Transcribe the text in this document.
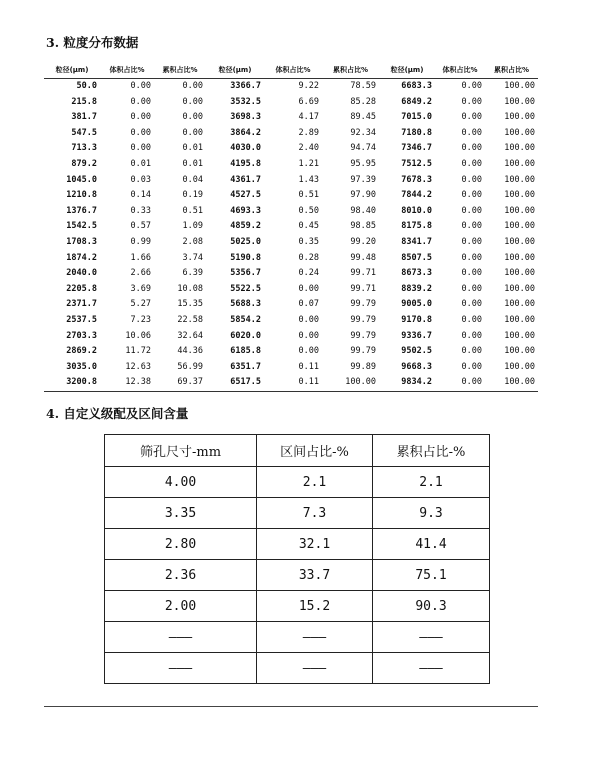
3. 粒度分布数据
粒径(μm)	体积占比%	累积占比%	粒径(μm)	体积占比%	累积占比%	粒径(μm)	体积占比%	累积占比%
50.0	0.00	0.00	3366.7	9.22	78.59	6683.3	0.00	100.00
215.8	0.00	0.00	3532.5	6.69	85.28	6849.2	0.00	100.00
381.7	0.00	0.00	3698.3	4.17	89.45	7015.0	0.00	100.00
547.5	0.00	0.00	3864.2	2.89	92.34	7180.8	0.00	100.00
713.3	0.00	0.01	4030.0	2.40	94.74	7346.7	0.00	100.00
879.2	0.01	0.01	4195.8	1.21	95.95	7512.5	0.00	100.00
1045.0	0.03	0.04	4361.7	1.43	97.39	7678.3	0.00	100.00
1210.8	0.14	0.19	4527.5	0.51	97.90	7844.2	0.00	100.00
1376.7	0.33	0.51	4693.3	0.50	98.40	8010.0	0.00	100.00
1542.5	0.57	1.09	4859.2	0.45	98.85	8175.8	0.00	100.00
1708.3	0.99	2.08	5025.0	0.35	99.20	8341.7	0.00	100.00
1874.2	1.66	3.74	5190.8	0.28	99.48	8507.5	0.00	100.00
2040.0	2.66	6.39	5356.7	0.24	99.71	8673.3	0.00	100.00
2205.8	3.69	10.08	5522.5	0.00	99.71	8839.2	0.00	100.00
2371.7	5.27	15.35	5688.3	0.07	99.79	9005.0	0.00	100.00
2537.5	7.23	22.58	5854.2	0.00	99.79	9170.8	0.00	100.00
2703.3	10.06	32.64	6020.0	0.00	99.79	9336.7	0.00	100.00
2869.2	11.72	44.36	6185.8	0.00	99.79	9502.5	0.00	100.00
3035.0	12.63	56.99	6351.7	0.11	99.89	9668.3	0.00	100.00
3200.8	12.38	69.37	6517.5	0.11	100.00	9834.2	0.00	100.00
4. 自定义级配及区间含量
筛孔尺寸-mm	区间占比-%	累积占比-%
4.00	2.1	2.1
3.35	7.3	9.3
2.80	32.1	41.4
2.36	33.7	75.1
2.00	15.2	90.3
———	———	———
———	———	———
